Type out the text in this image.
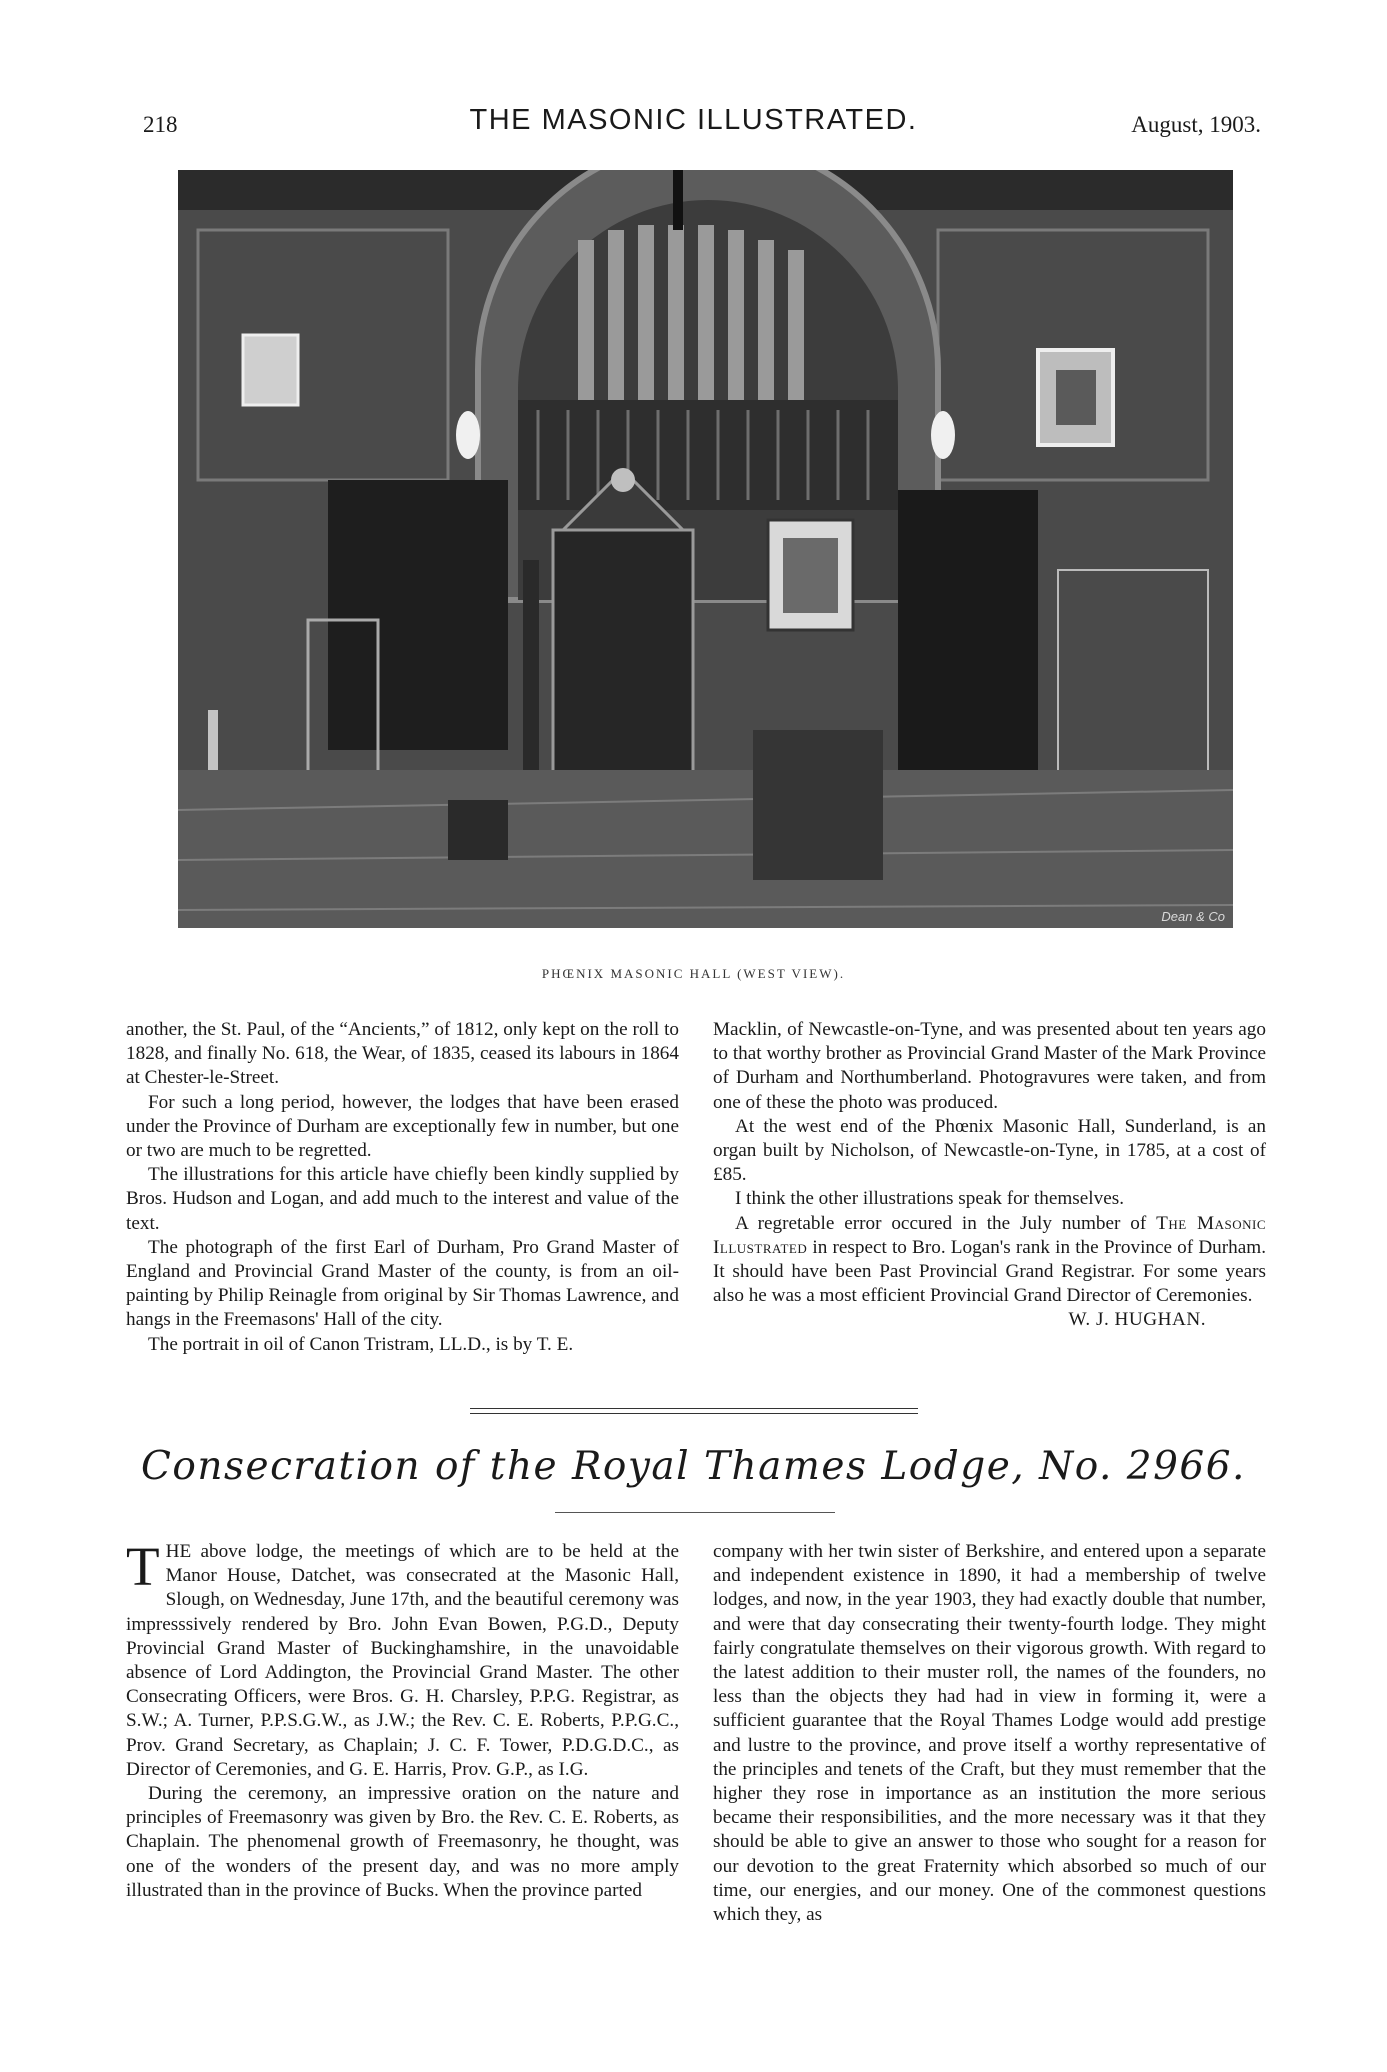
218	THE MASONIC ILLUSTRATED.	August, 1903.
Dean & Co
PHŒNIX MASONIC HALL (WEST VIEW).

another, the St. Paul, of the “Ancients,” of 1812, only kept on the roll to 1828, and finally No. 618, the Wear, of 1835, ceased its labours in 1864 at Chester-le-Street.

For such a long period, however, the lodges that have been erased under the Province of Durham are exceptionally few in number, but one or two are much to be regretted.

The illustrations for this article have chiefly been kindly supplied by Bros. Hudson and Logan, and add much to the interest and value of the text.

The photograph of the first Earl of Durham, Pro Grand Master of England and Provincial Grand Master of the county, is from an oil-painting by Philip Reinagle from original by Sir Thomas Lawrence, and hangs in the Freemasons' Hall of the city.

The portrait in oil of Canon Tristram, LL.D., is by T. E.

Macklin, of Newcastle-on-Tyne, and was presented about ten years ago to that worthy brother as Provincial Grand Master of the Mark Province of Durham and Northumberland. Photogravures were taken, and from one of these the photo was produced.

At the west end of the Phœnix Masonic Hall, Sunderland, is an organ built by Nicholson, of Newcastle-on-Tyne, in 1785, at a cost of £85.

I think the other illustrations speak for themselves.

A regretable error occured in the July number of The Masonic Illustrated in respect to Bro. Logan's rank in the Province of Durham. It should have been Past Provincial Grand Registrar. For some years also he was a most efficient Provincial Grand Director of Ceremonies.

W. J. HUGHAN.
Consecration of the Royal Thames Lodge, No. 2966.

THE above lodge, the meetings of which are to be held at the Manor House, Datchet, was consecrated at the Masonic Hall, Slough, on Wednesday, June 17th, and the beautiful ceremony was impresssively rendered by Bro. John Evan Bowen, P.G.D., Deputy Provincial Grand Master of Buckinghamshire, in the unavoidable absence of Lord Addington, the Provincial Grand Master. The other Consecrating Officers, were Bros. G. H. Charsley, P.P.G. Registrar, as S.W.; A. Turner, P.P.S.G.W., as J.W.; the Rev. C. E. Roberts, P.P.G.C., Prov. Grand Secretary, as Chaplain; J. C. F. Tower, P.D.G.D.C., as Director of Ceremonies, and G. E. Harris, Prov. G.P., as I.G.

During the ceremony, an impressive oration on the nature and principles of Freemasonry was given by Bro. the Rev. C. E. Roberts, as Chaplain. The phenomenal growth of Freemasonry, he thought, was one of the wonders of the present day, and was no more amply illustrated than in the province of Bucks. When the province parted

company with her twin sister of Berkshire, and entered upon a separate and independent existence in 1890, it had a membership of twelve lodges, and now, in the year 1903, they had exactly double that number, and were that day consecrating their twenty-fourth lodge. They might fairly congratulate themselves on their vigorous growth. With regard to the latest addition to their muster roll, the names of the founders, no less than the objects they had had in view in forming it, were a sufficient guarantee that the Royal Thames Lodge would add prestige and lustre to the province, and prove itself a worthy representative of the principles and tenets of the Craft, but they must remember that the higher they rose in importance as an institution the more serious became their responsibilities, and the more necessary was it that they should be able to give an answer to those who sought for a reason for our devotion to the great Fraternity which absorbed so much of our time, our energies, and our money. One of the commonest questions which they, as
